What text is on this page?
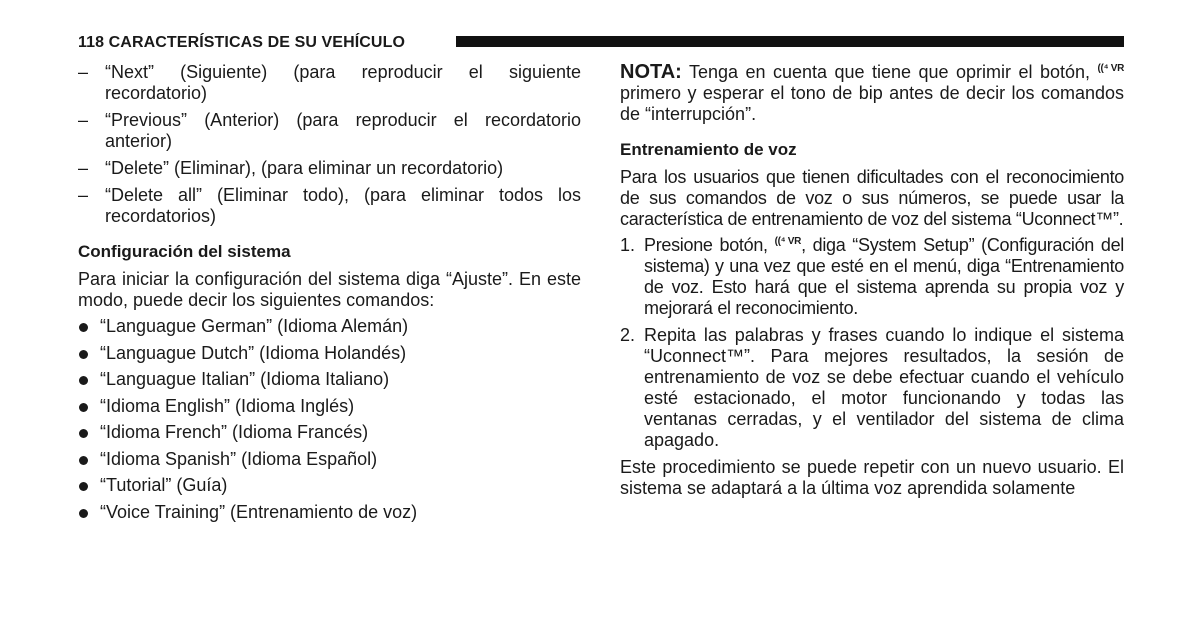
118 CARACTERÍSTICAS DE SU VEHÍCULO
– “Next” (Siguiente) (para reproducir el siguiente recordatorio)
– “Previous” (Anterior) (para reproducir el recordatorio anterior)
– “Delete” (Eliminar), (para eliminar un recordatorio)
– “Delete all” (Eliminar todo), (para eliminar todos los recordatorios)
Configuración del sistema

Para iniciar la configuración del sistema diga “Ajuste”. En este modo, puede decir los siguientes comandos:

“Languague German” (Idioma Alemán)
“Languague Dutch” (Idioma Holandés)
“Languague Italian” (Idioma Italiano)
“Idioma English” (Idioma Inglés)
“Idioma French” (Idioma Francés)
“Idioma Spanish” (Idioma Español)
“Tutorial” (Guía)
“Voice Training” (Entrenamiento de voz)

NOTA: Tenga en cuenta que tiene que oprimir el botón, ((⁴ VR primero y esperar el tono de bip antes de decir los comandos de “interrupción”.

Entrenamiento de voz

Para los usuarios que tienen dificultades con el reconocimiento de sus comandos de voz o sus números, se puede usar la característica de entrenamiento de voz del sistema “Uconnect™”.

1. Presione botón, ((⁴ VR, diga “System Setup” (Configuración del sistema) y una vez que esté en el menú, diga “Entrenamiento de voz. Esto hará que el sistema aprenda su propia voz y mejorará el reconocimiento.
2. Repita las palabras y frases cuando lo indique el sistema “Uconnect™”. Para mejores resultados, la sesión de entrenamiento de voz se debe efectuar cuando el vehículo esté estacionado, el motor funcionando y todas las ventanas cerradas, y el ventilador del sistema de clima apagado.

Este procedimiento se puede repetir con un nuevo usuario. El sistema se adaptará a la última voz aprendida solamente
